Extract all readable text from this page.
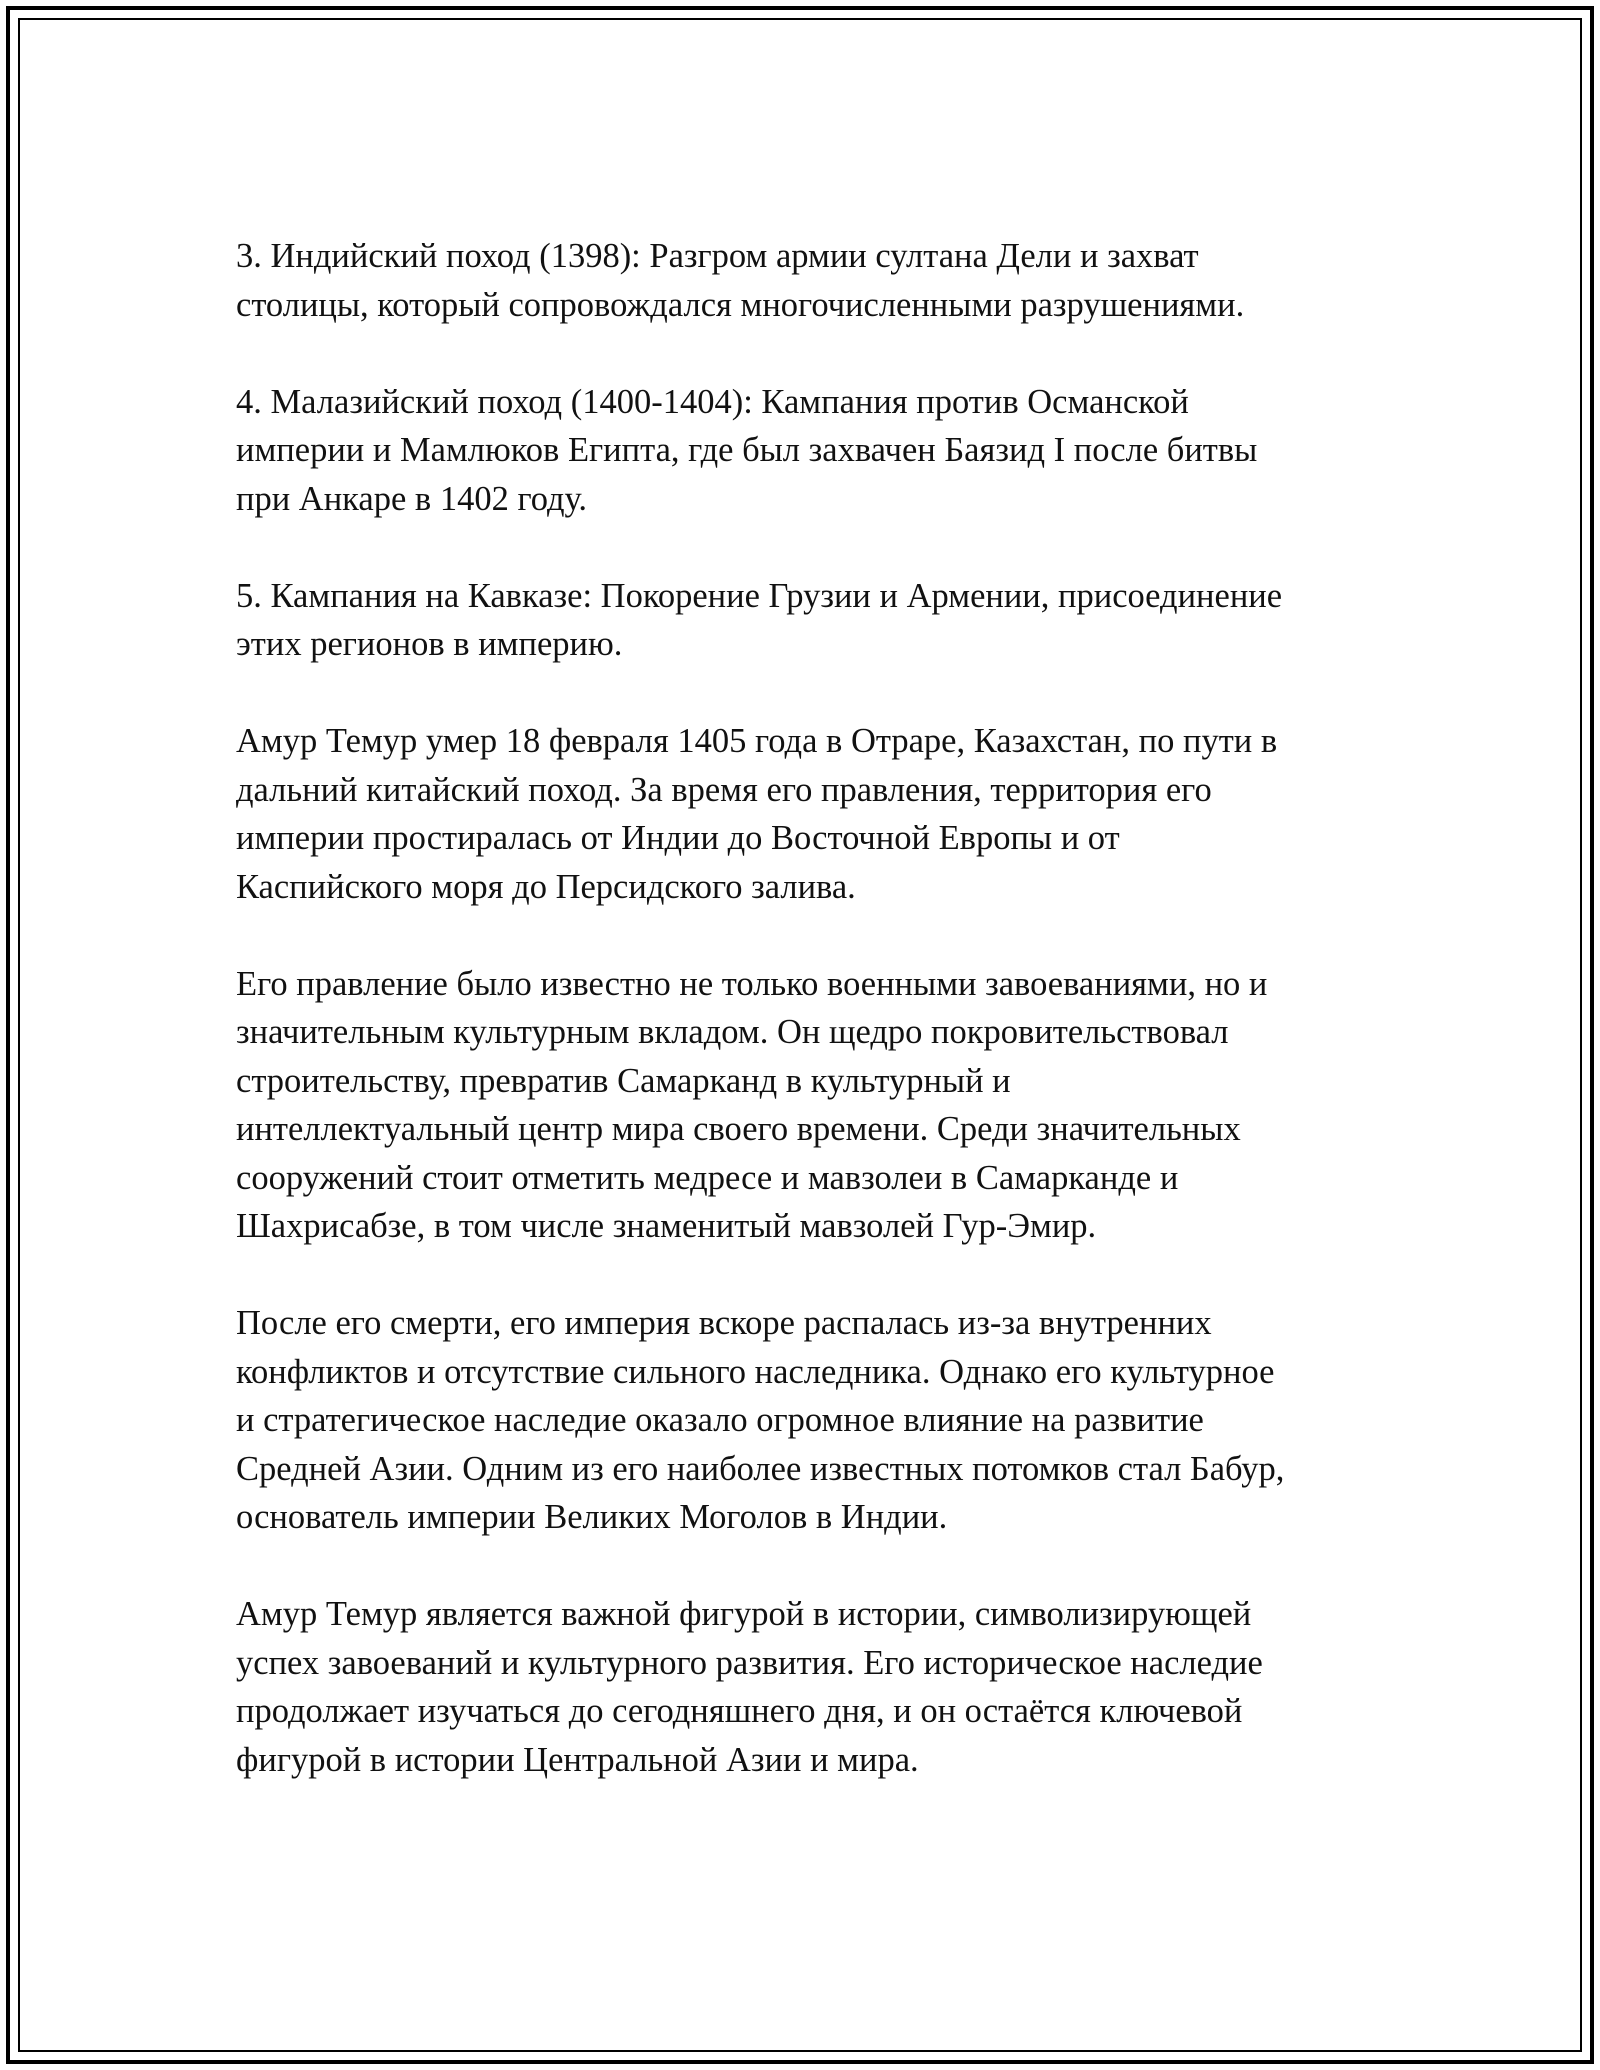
3. Индийский поход (1398): Разгром армии султана Дели и захват
столицы, который сопровождался многочисленными разрушениями.

4. Малазийский поход (1400-1404): Кампания против Османской
империи и Мамлюков Египта, где был захвачен Баязид I после битвы
при Анкаре в 1402 году.

5. Кампания на Кавказе: Покорение Грузии и Армении, присоединение
этих регионов в империю.

Амур Темур умер 18 февраля 1405 года в Отраре, Казахстан, по пути в
дальний китайский поход. За время его правления, территория его
империи простиралась от Индии до Восточной Европы и от
Каспийского моря до Персидского залива.

Его правление было известно не только военными завоеваниями, но и
значительным культурным вкладом. Он щедро покровительствовал
строительству, превратив Самарканд в культурный и
интеллектуальный центр мира своего времени. Среди значительных
сооружений стоит отметить медресе и мавзолеи в Самарканде и
Шахрисабзе, в том числе знаменитый мавзолей Гур-Эмир.

После его смерти, его империя вскоре распалась из-за внутренних
конфликтов и отсутствие сильного наследника. Однако его культурное
и стратегическое наследие оказало огромное влияние на развитие
Средней Азии. Одним из его наиболее известных потомков стал Бабур,
основатель империи Великих Моголов в Индии.

Амур Темур является важной фигурой в истории, символизирующей
успех завоеваний и культурного развития. Его историческое наследие
продолжает изучаться до сегодняшнего дня, и он остаётся ключевой
фигурой в истории Центральной Азии и мира.
